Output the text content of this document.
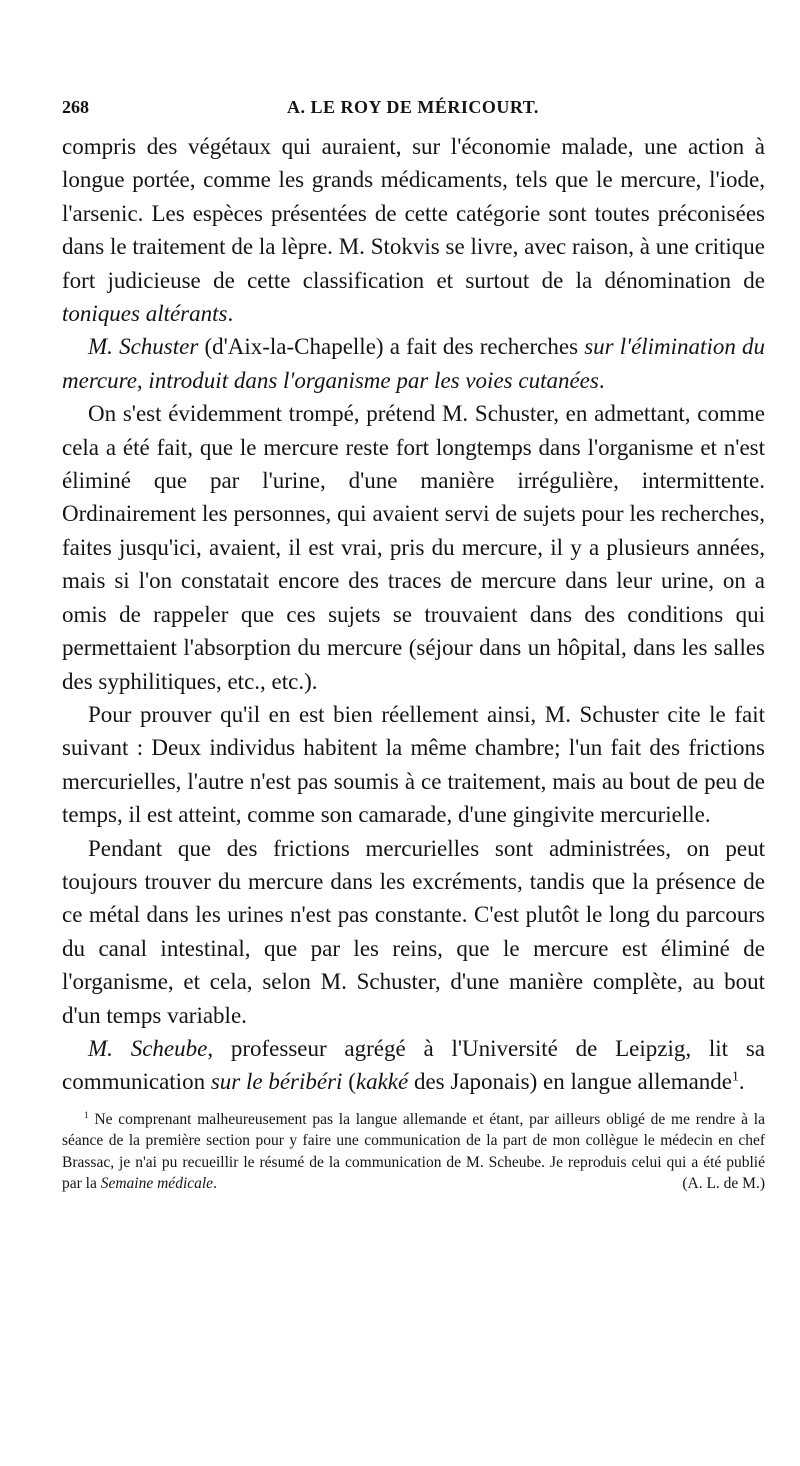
268	A. LE ROY DE MÉRICOURT.

compris des végétaux qui auraient, sur l'économie malade, une action à longue portée, comme les grands médicaments, tels que le mercure, l'iode, l'arsenic. Les espèces présentées de cette catégorie sont toutes préconisées dans le traitement de la lèpre. M. Stokvis se livre, avec raison, à une critique fort judicieuse de cette classification et surtout de la dénomination de toniques altérants.

M. Schuster (d'Aix-la-Chapelle) a fait des recherches sur l'élimination du mercure, introduit dans l'organisme par les voies cutanées.

On s'est évidemment trompé, prétend M. Schuster, en admettant, comme cela a été fait, que le mercure reste fort longtemps dans l'organisme et n'est éliminé que par l'urine, d'une manière irrégulière, intermittente. Ordinairement les personnes, qui avaient servi de sujets pour les recherches, faites jusqu'ici, avaient, il est vrai, pris du mercure, il y a plusieurs années, mais si l'on constatait encore des traces de mercure dans leur urine, on a omis de rappeler que ces sujets se trouvaient dans des conditions qui permettaient l'absorption du mercure (séjour dans un hôpital, dans les salles des syphilitiques, etc., etc.).

Pour prouver qu'il en est bien réellement ainsi, M. Schuster cite le fait suivant : Deux individus habitent la même chambre; l'un fait des frictions mercurielles, l'autre n'est pas soumis à ce traitement, mais au bout de peu de temps, il est atteint, comme son camarade, d'une gingivite mercurielle.

Pendant que des frictions mercurielles sont administrées, on peut toujours trouver du mercure dans les excréments, tandis que la présence de ce métal dans les urines n'est pas constante. C'est plutôt le long du parcours du canal intestinal, que par les reins, que le mercure est éliminé de l'organisme, et cela, selon M. Schuster, d'une manière complète, au bout d'un temps variable.

M. Scheube, professeur agrégé à l'Université de Leipzig, lit sa communication sur le béribéri (kakké des Japonais) en langue allemande$^1$.

$^1$ Ne comprenant malheureusement pas la langue allemande et étant, par ailleurs obligé de me rendre à la séance de la première section pour y faire une communication de la part de mon collègue le médecin en chef Brassac, je n'ai pu recueillir le résumé de la communication de M. Scheube. Je reproduis celui qui a été publié par la Semaine médicale.	(A. L. de M.)
